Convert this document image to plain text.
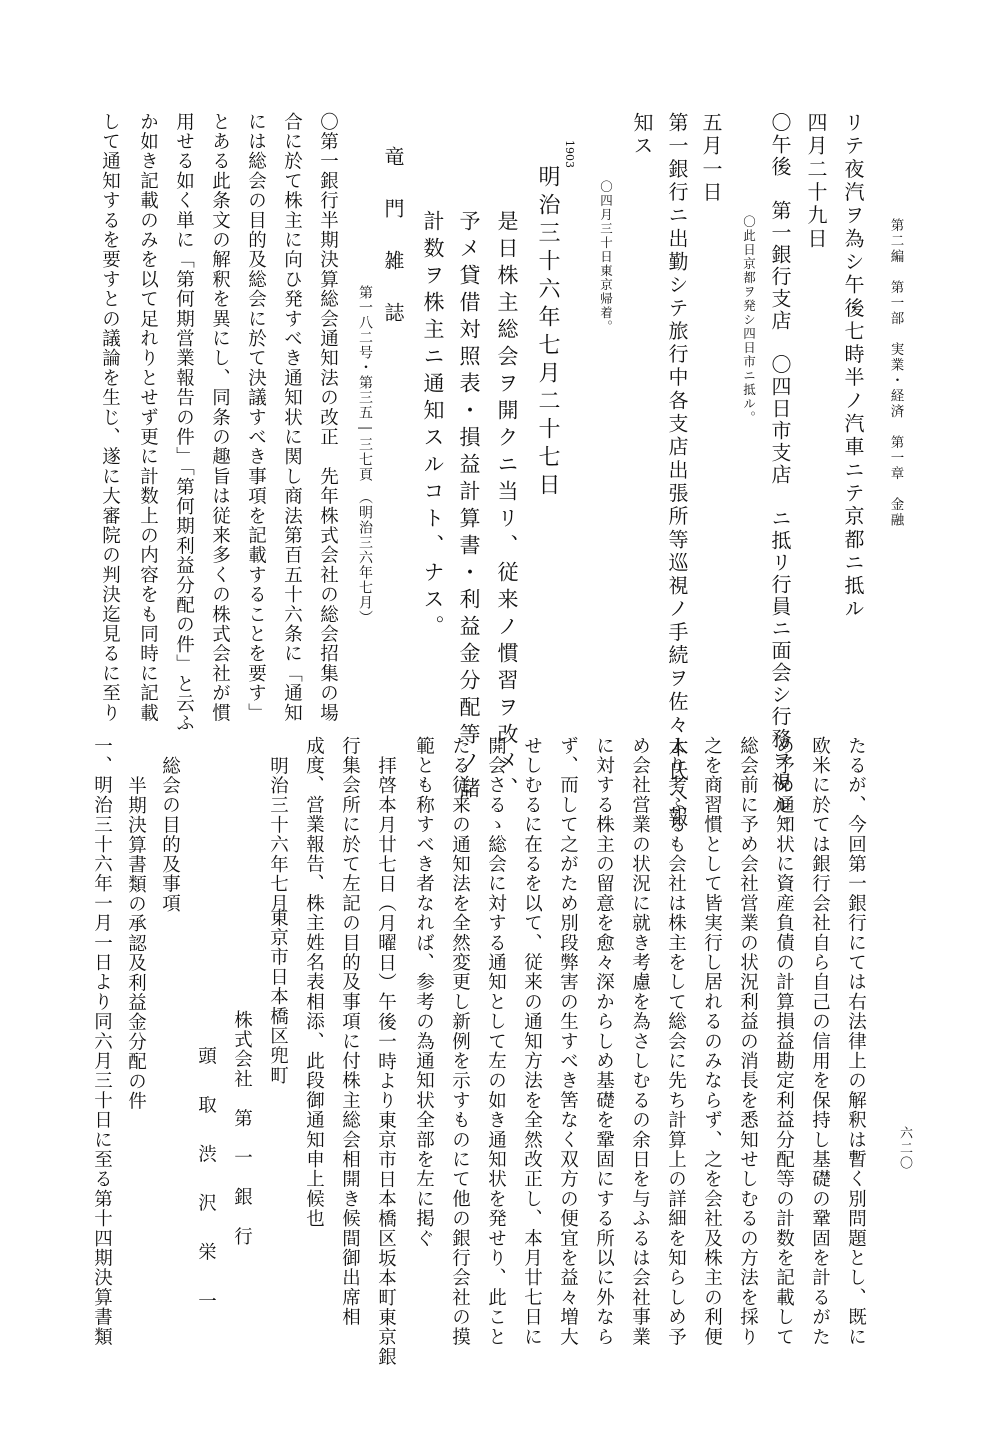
第二編　第一部　実業・経済　第一章　金融
リテ夜汽ヲ為シ午後七時半ノ汽車ニテ京都ニ抵ル
四月二十九日
〇午後　第一銀行支店　〇四日市支店　ニ抵リ行員ニ面会シ行務ヲ視ル。
〇此日京都ヲ発シ四日市ニ抵ル。
五月一日
第一銀行ニ出勤シテ旅行中各支店出張所等巡視ノ手続ヲ佐々木氏へ報
知ス
〇四月三十日東京帰着。
1903
明治三十六年七月二十七日
是日株主総会ヲ開クニ当リ、従来ノ慣習ヲ改メ、
予メ貸借対照表・損益計算書・利益金分配等ノ諸
計数ヲ株主ニ通知スルコト、ナス。
竜　門　雑　誌
第一八二号・第三五―三七頁　（明治三六年七月）
〇第一銀行半期決算総会通知法の改正　先年株式会社の総会招集の場
合に於て株主に向ひ発すべき通知状に関し商法第百五十六条に「通知
には総会の目的及総会に於て決議すべき事項を記載することを要す」
とある此条文の解釈を異にし、同条の趣旨は従来多くの株式会社が慣
用せる如く単に「第何期営業報告の件」「第何期利益分配の件」と云ふ
か如き記載のみを以て足れりとせず更に計数上の内容をも同時に記載
して通知するを要すとの議論を生じ、遂に大審院の判決迄見るに至り
六二〇
たるが、今回第一銀行にては右法律上の解釈は暫く別問題とし、既に
欧米に於ては銀行会社自ら自己の信用を保持し基礎の鞏固を計るがた
め予め通知状に資産負債の計算損益勘定利益分配等の計数を記載して
総会前に予め会社営業の状況利益の消長を悉知せしむるの方法を採り
之を商習慣として皆実行し居れるのみならず、之を会社及株主の利便
より考ふるも会社は株主をして総会に先ち計算上の詳細を知らしめ予
め会社営業の状況に就き考慮を為さしむるの余日を与ふるは会社事業
に対する株主の留意を愈々深からしめ基礎を鞏固にする所以に外なら
ず、而して之がため別段弊害の生すべき筈なく双方の便宜を益々増大
せしむるに在るを以て、従来の通知方法を全然改正し、本月廿七日に
開会さるゝ総会に対する通知として左の如き通知状を発せり、此こと
たる従来の通知法を全然変更し新例を示すものにて他の銀行会社の摸
範とも称すべき者なれば、参考の為通知状全部を左に掲ぐ
拝啓本月廿七日（月曜日）午後一時より東京市日本橋区坂本町東京銀
行集会所に於て左記の目的及事項に付株主総会相開き候間御出席相
成度、営業報告、株主姓名表相添、此段御通知申上候也
明治三十六年七月
東京市日本橋区兜町
株式会社　第　一　銀　行
頭　取　渋　沢　栄　一
総会の目的及事項
半期決算書類の承認及利益金分配の件
一、明治三十六年一月一日より同六月三十日に至る第十四期決算書類
